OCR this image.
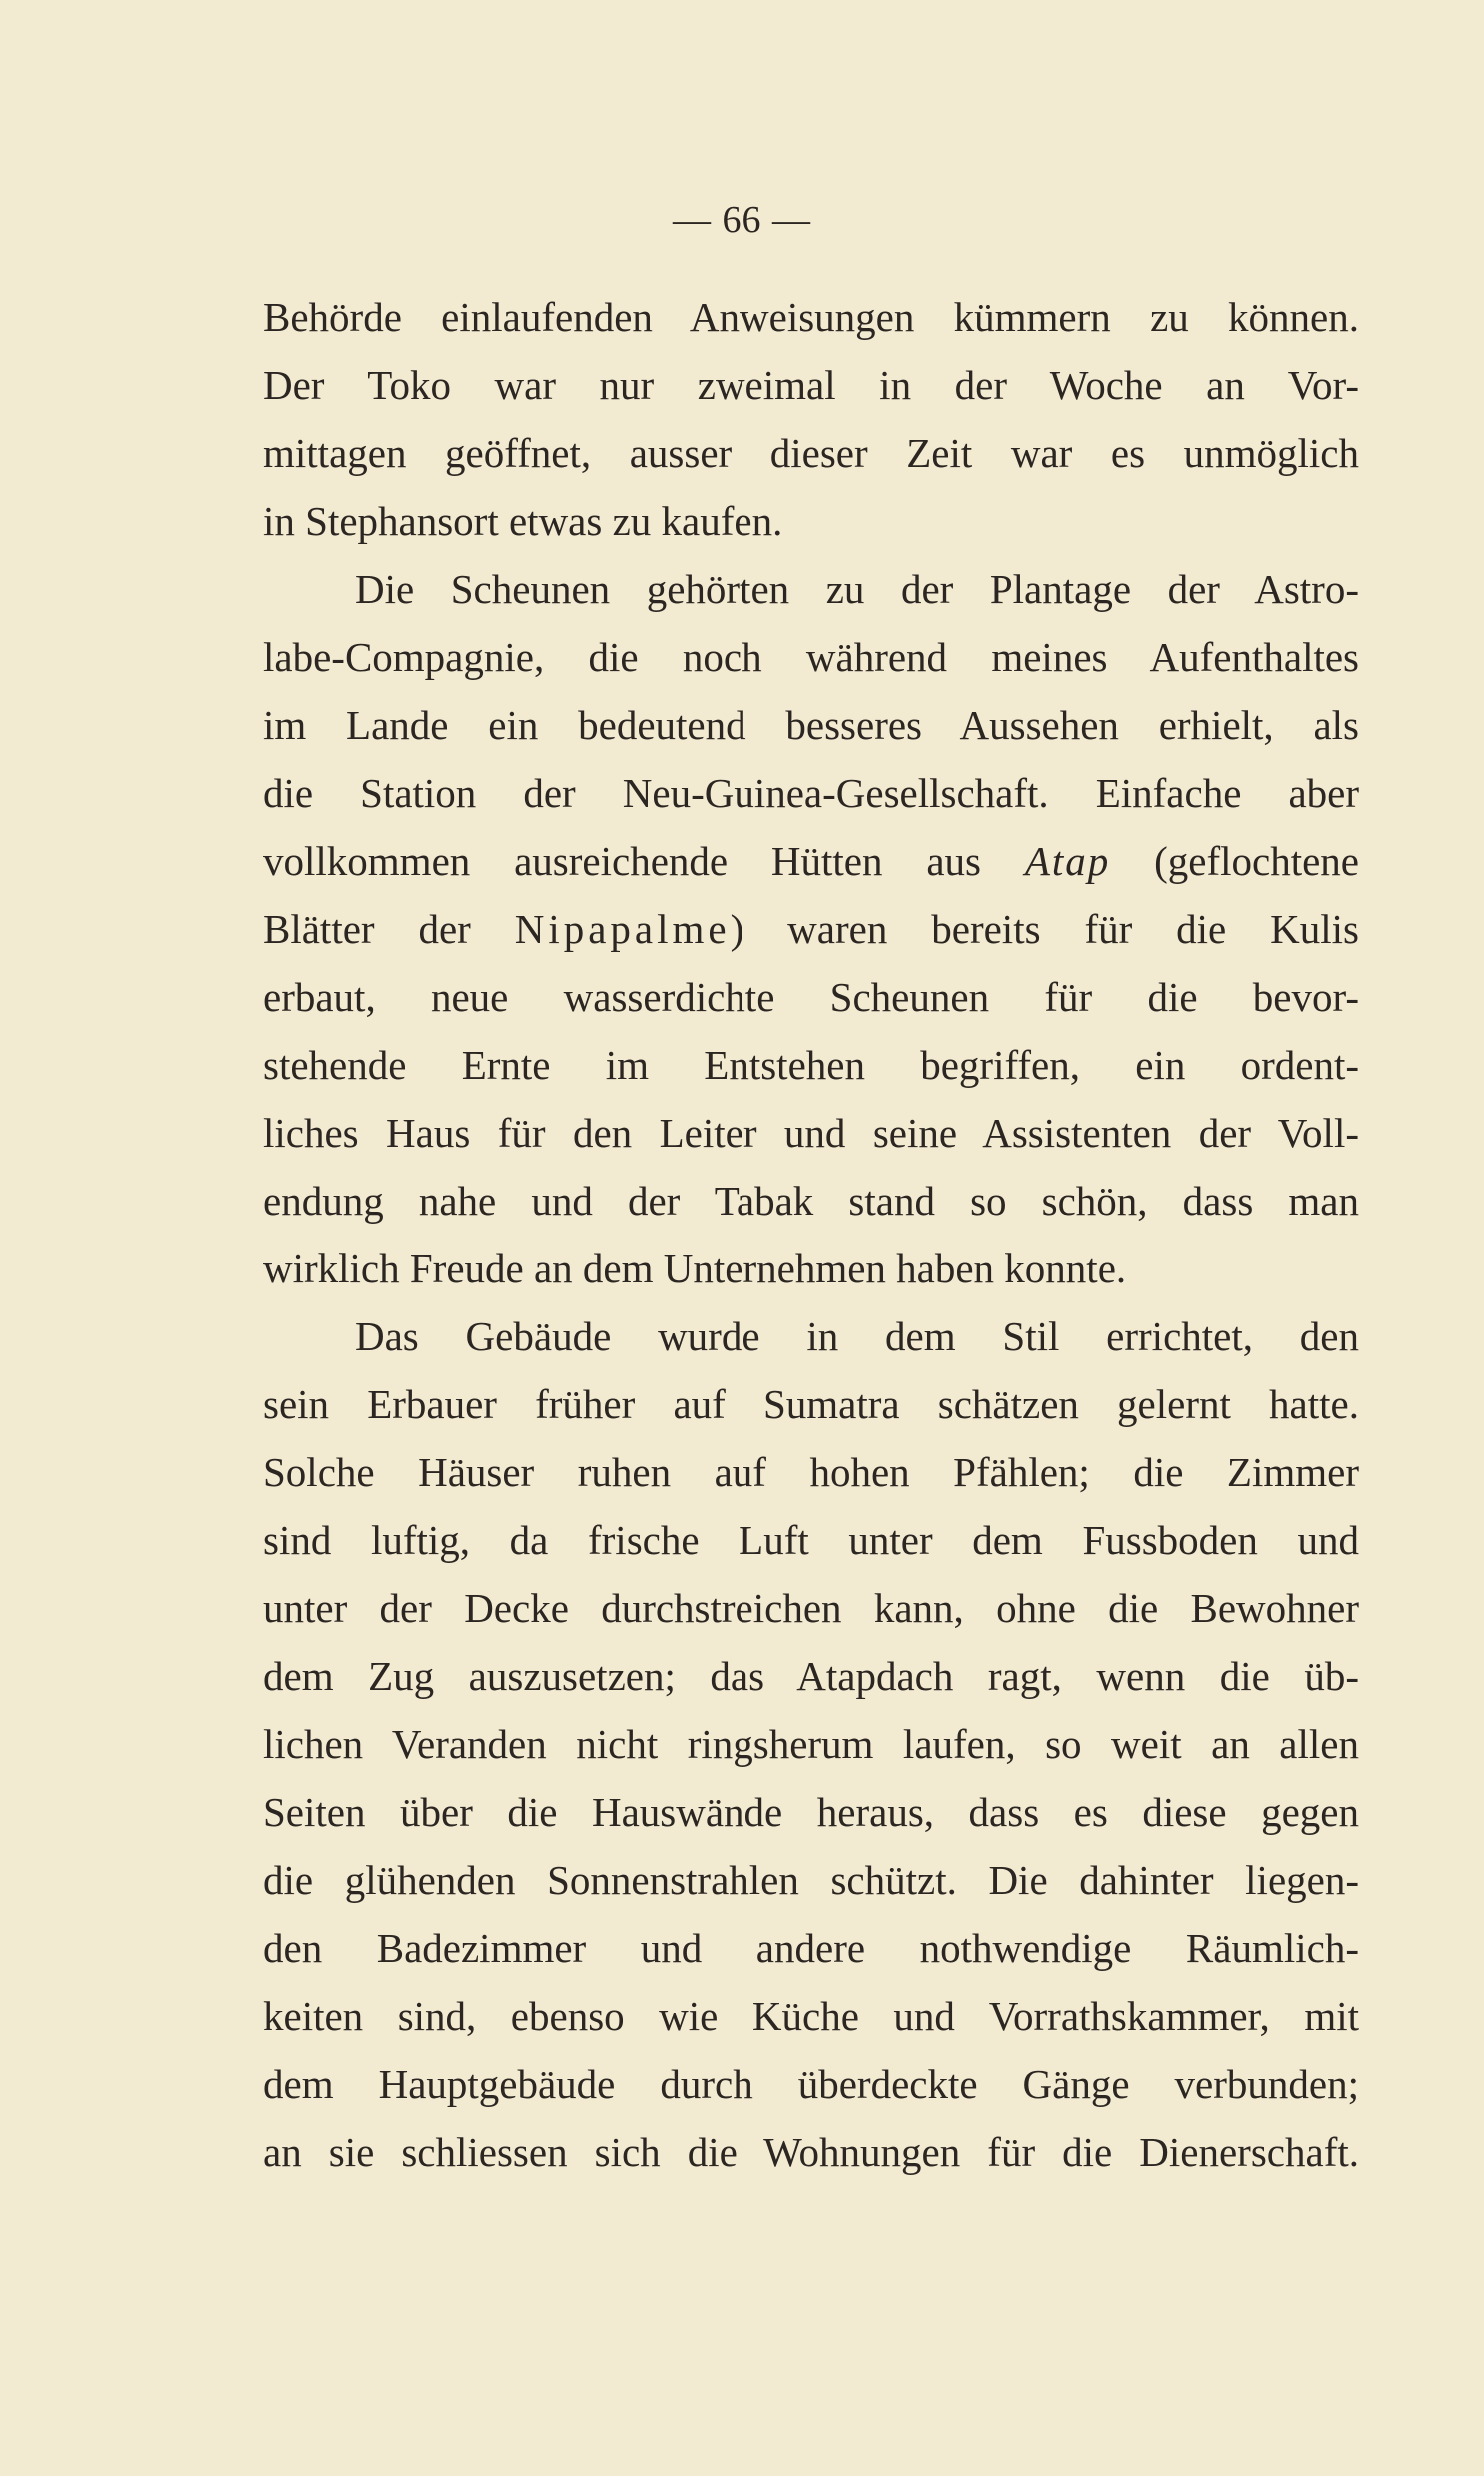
— 66 —
Behörde einlaufenden Anweisungen kümmern zu können.
Der Toko war nur zweimal in der Woche an Vor-
mittagen geöffnet, ausser dieser Zeit war es unmöglich
in Stephansort etwas zu kaufen.
Die Scheunen gehörten zu der Plantage der Astro-
labe-Compagnie, die noch während meines Aufenthaltes
im Lande ein bedeutend besseres Aussehen erhielt, als
die Station der Neu-Guinea-Gesellschaft. Einfache aber
vollkommen ausreichende Hütten aus Atap (geflochtene
Blätter der Nipapalme) waren bereits für die Kulis
erbaut, neue wasserdichte Scheunen für die bevor-
stehende Ernte im Entstehen begriffen, ein ordent-
liches Haus für den Leiter und seine Assistenten der Voll-
endung nahe und der Tabak stand so schön, dass man
wirklich Freude an dem Unternehmen haben konnte.
Das Gebäude wurde in dem Stil errichtet, den
sein Erbauer früher auf Sumatra schätzen gelernt hatte.
Solche Häuser ruhen auf hohen Pfählen; die Zimmer
sind luftig, da frische Luft unter dem Fussboden und
unter der Decke durchstreichen kann, ohne die Bewohner
dem Zug auszusetzen; das Atapdach ragt, wenn die üb-
lichen Veranden nicht ringsherum laufen, so weit an allen
Seiten über die Hauswände heraus, dass es diese gegen
die glühenden Sonnenstrahlen schützt. Die dahinter liegen-
den Badezimmer und andere nothwendige Räumlich-
keiten sind, ebenso wie Küche und Vorrathskammer, mit
dem Hauptgebäude durch überdeckte Gänge verbunden;
an sie schliessen sich die Wohnungen für die Dienerschaft.
